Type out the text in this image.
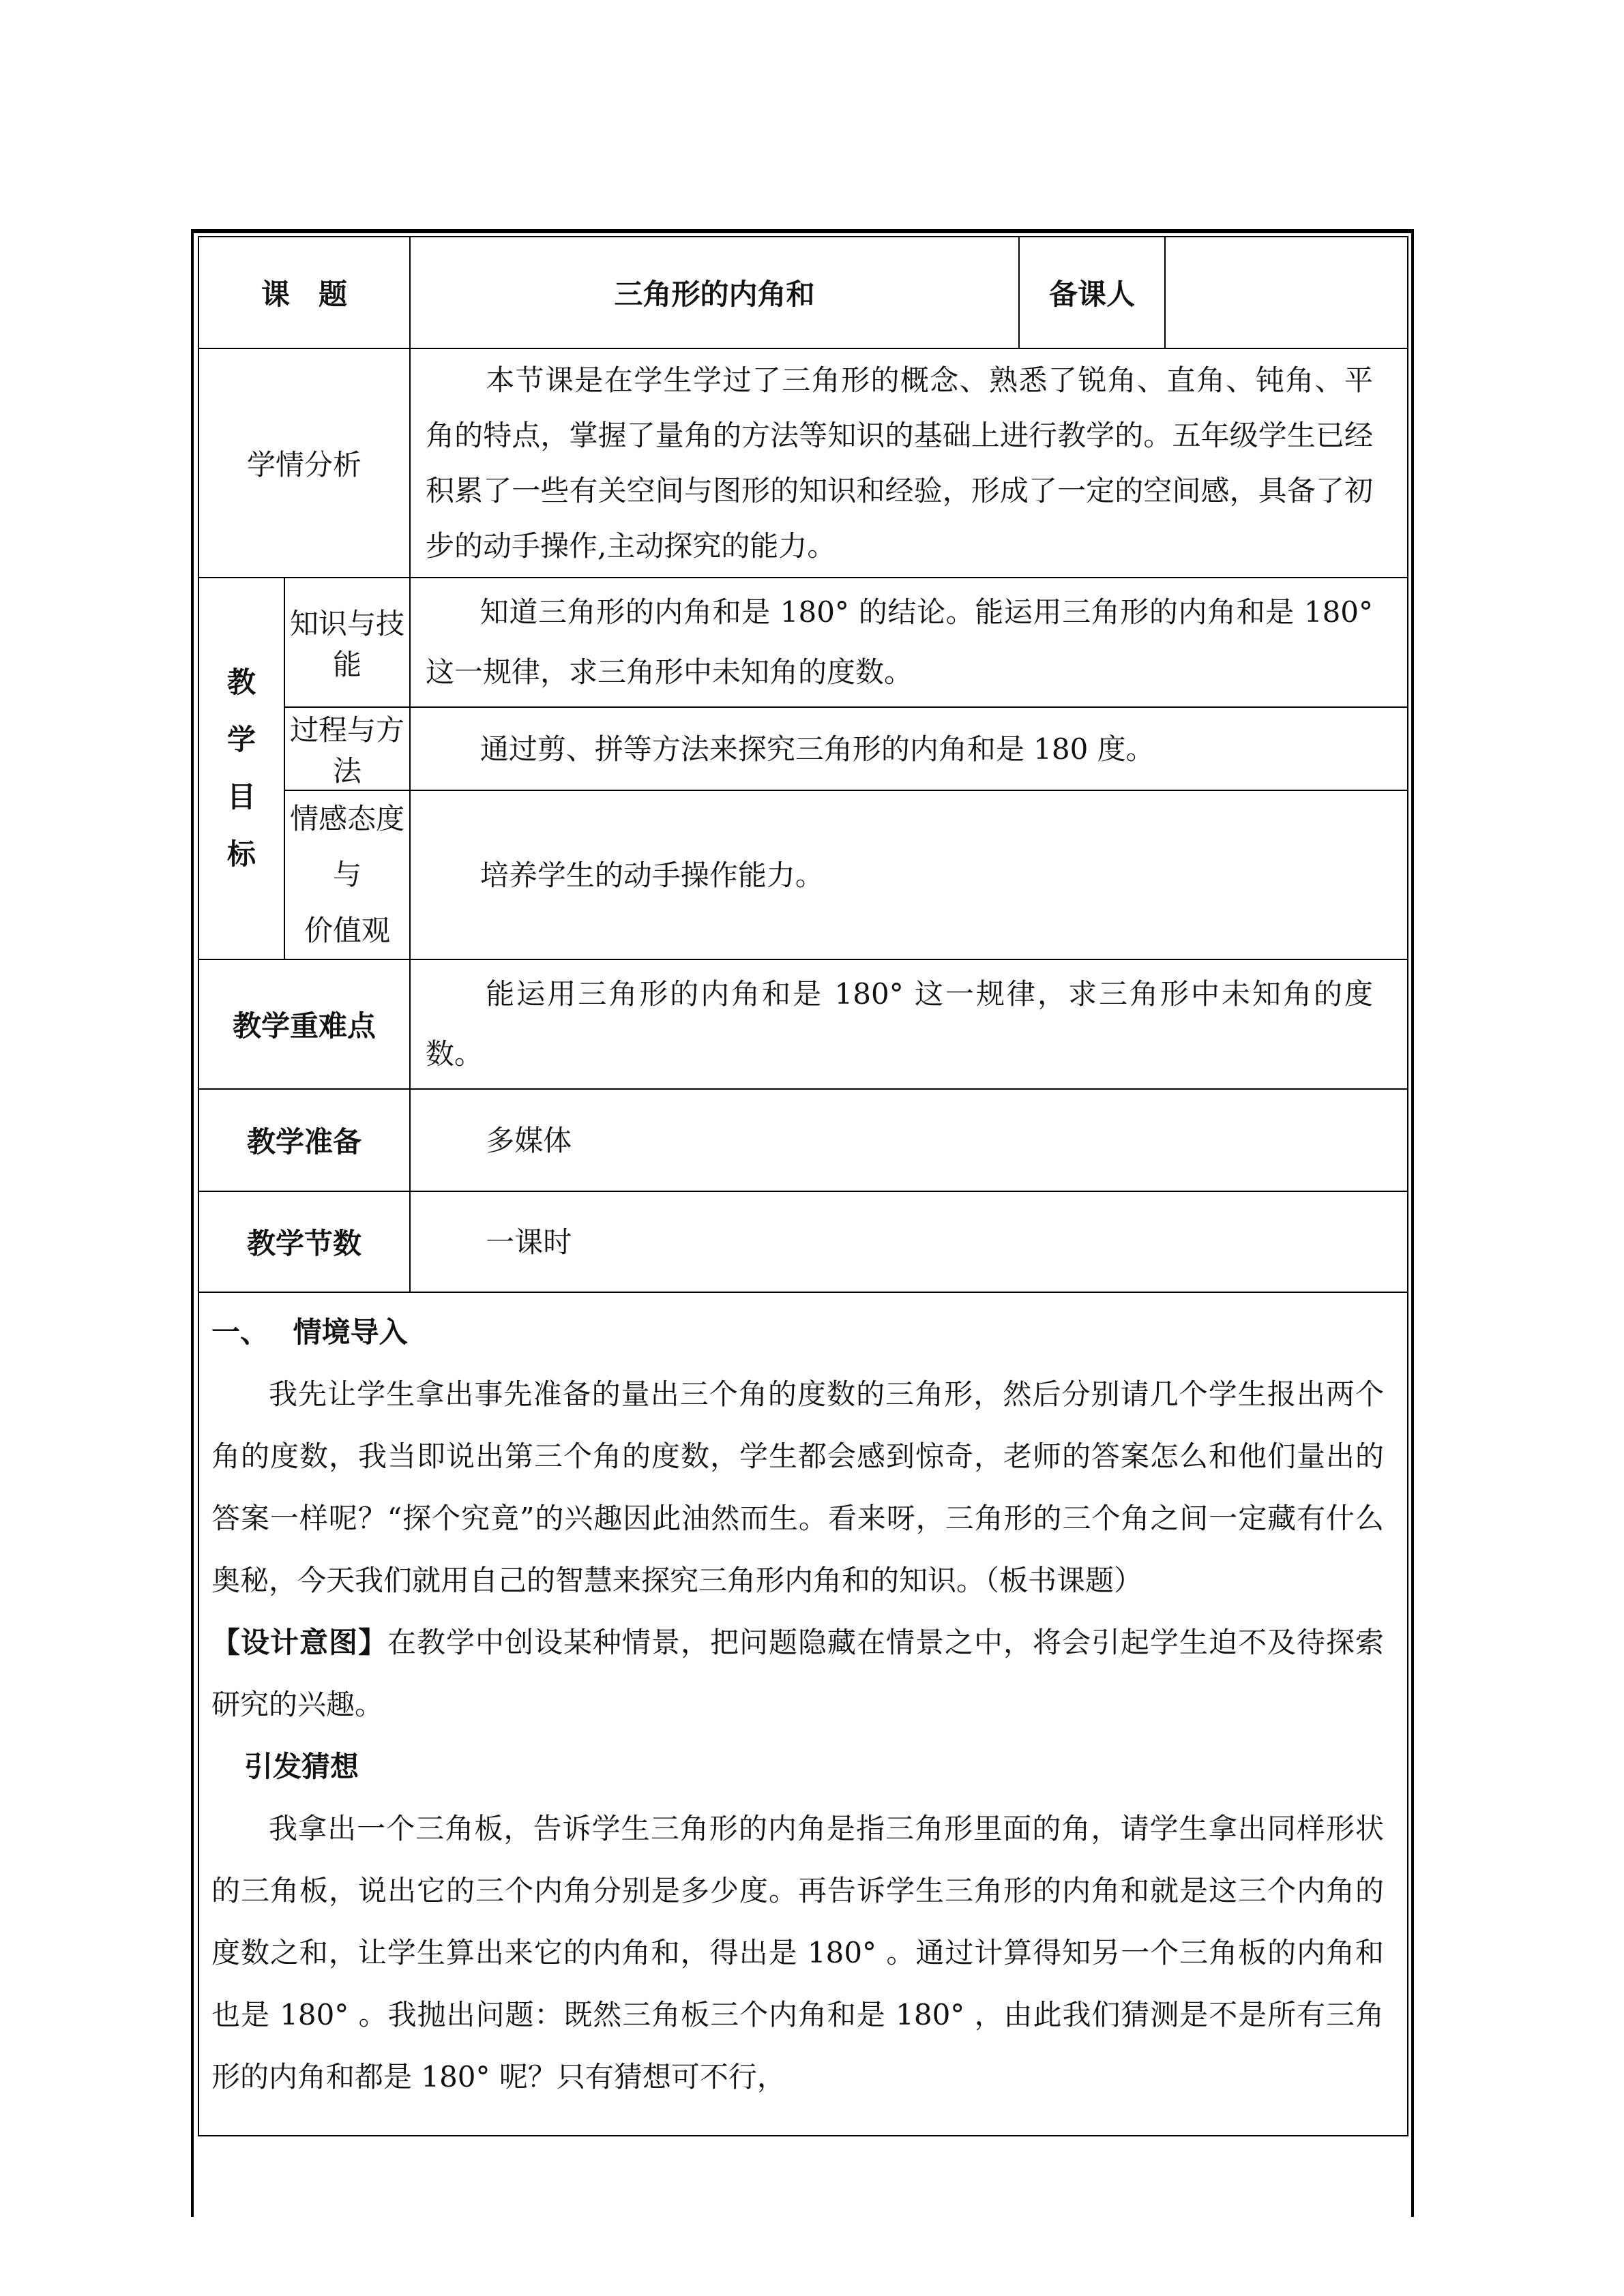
课　题		三角形的内角和	备课人	
学情分析		本节课是在学生学过了三角形的概念、熟悉了锐角、直角、钝角、平角的特点，掌握了量角的方法等知识的基础上进行教学的。五年级学生已经积累了一些有关空间与图形的知识和经验，形成了一定的空间感，具备了初步的动手操作,主动探究的能力。		
教
学
目
标	知识与技能	知道三角形的内角和是 180° 的结论。能运用三角形的内角和是 180° 这一规律，求三角形中未知角的度数。		
	过程与方法	通过剪、拼等方法来探究三角形的内角和是 180 度。		
	情感态度与
价值观	培养学生的动手操作能力。		
教学重难点		能运用三角形的内角和是 180° 这一规律，求三角形中未知角的度数。		
教学准备		多媒体		
教学节数		一课时		

一、　 情境导入

我先让学生拿出事先准备的量出三个角的度数的三角形，然后分别请几个学生报出两个角的度数，我当即说出第三个角的度数，学生都会感到惊奇，老师的答案怎么和他们量出的答案一样呢？“探个究竟”的兴趣因此油然而生。看来呀，三角形的三个角之间一定藏有什么奥秘，今天我们就用自己的智慧来探究三角形内角和的知识。（板书课题）

【设计意图】在教学中创设某种情景，把问题隐藏在情景之中，将会引起学生迫不及待探索研究的兴趣。

引发猜想

我拿出一个三角板，告诉学生三角形的内角是指三角形里面的角，请学生拿出同样形状的三角板，说出它的三个内角分别是多少度。再告诉学生三角形的内角和就是这三个内角的度数之和，让学生算出来它的内角和，得出是 180° 。通过计算得知另一个三角板的内角和也是 180° 。我抛出问题：既然三角板三个内角和是 180° ，由此我们猜测是不是所有三角形的内角和都是 180° 呢？只有猜想可不行，				
